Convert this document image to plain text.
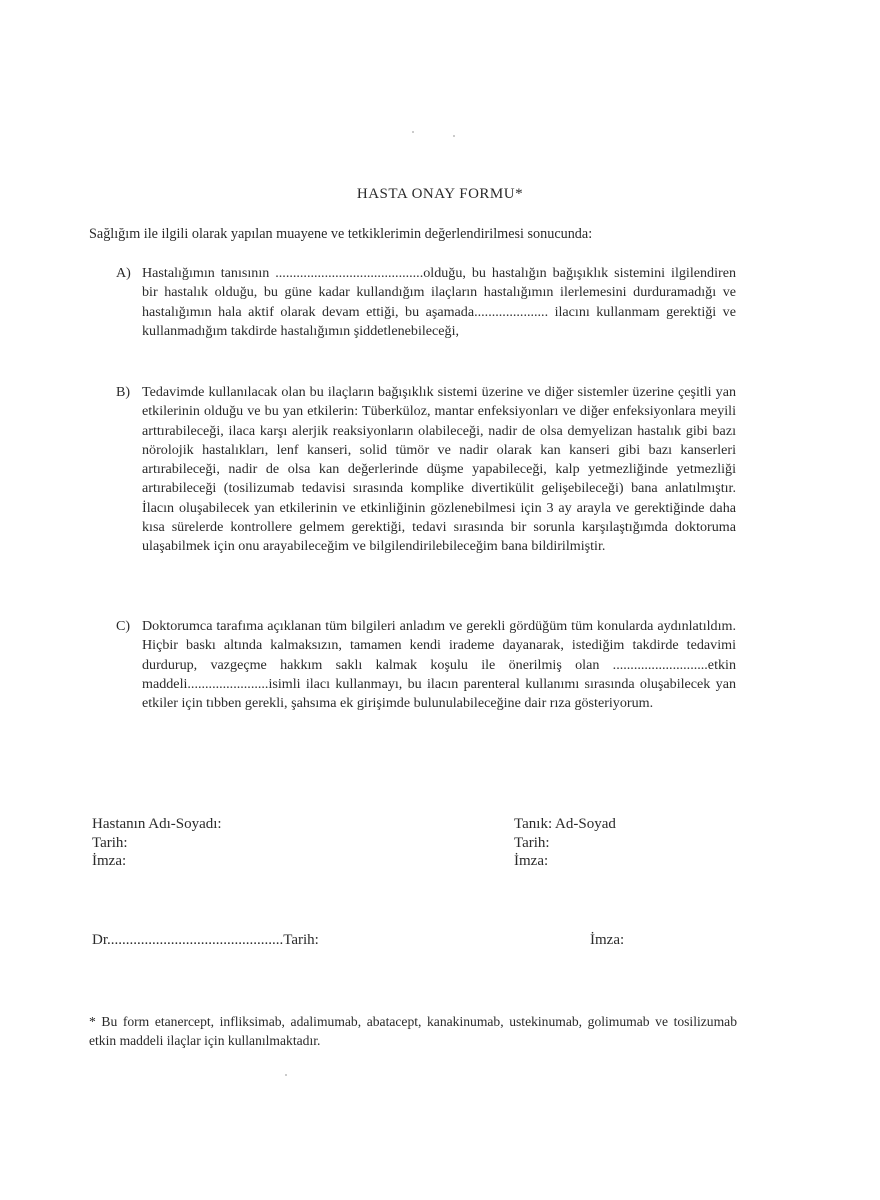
HASTA ONAY FORMU*
Sağlığım ile ilgili olarak yapılan muayene ve tetkiklerimin değerlendirilmesi sonucunda:
A) Hastalığımın tanısının ..........................................olduğu, bu hastalığın bağışıklık sistemini ilgilendiren bir hastalık olduğu, bu güne kadar kullandığım ilaçların hastalığımın ilerlemesini durduramadığı ve hastalığımın hala aktif olarak devam ettiği, bu aşamada..................... ilacını kullanmam gerektiği ve kullanmadığım takdirde hastalığımın şiddetlenebileceği,
B) Tedavimde kullanılacak olan bu ilaçların bağışıklık sistemi üzerine ve diğer sistemler üzerine çeşitli yan etkilerinin olduğu ve bu yan etkilerin: Tüberküloz, mantar enfeksiyonları ve diğer enfeksiyonlara meyili arttırabileceği, ilaca karşı alerjik reaksiyonların olabileceği, nadir de olsa demyelizan hastalık gibi bazı nörolojik hastalıkları, lenf kanseri, solid tümör ve nadir olarak kan kanseri gibi bazı kanserleri artırabileceği, nadir de olsa kan değerlerinde düşme yapabileceği, kalp yetmezliğinde yetmezliği artırabileceği (tosilizumab tedavisi sırasında komplike divertikülit gelişebileceği) bana anlatılmıştır. İlacın oluşabilecek yan etkilerinin ve etkinliğinin gözlenebilmesi için 3 ay arayla ve gerektiğinde daha kısa sürelerde kontrollere gelmem gerektiği, tedavi sırasında bir sorunla karşılaştığımda doktoruma ulaşabilmek için onu arayabileceğim ve bilgilendirilebileceğim bana bildirilmiştir.
C) Doktorumca tarafıma açıklanan tüm bilgileri anladım ve gerekli gördüğüm tüm konularda aydınlatıldım. Hiçbir baskı altında kalmaksızın, tamamen kendi irademe dayanarak, istediğim takdirde tedavimi durdurup, vazgeçme hakkım saklı kalmak koşulu ile önerilmiş olan ...........................etkin maddeli.......................isimli ilacı kullanmayı, bu ilacın parenteral kullanımı sırasında oluşabilecek yan etkiler için tıbben gerekli, şahsıma ek girişimde bulunulabileceğine dair rıza gösteriyorum.
Hastanın Adı-Soyadı:
Tarih:
İmza:
Tanık: Ad-Soyad
Tarih:
İmza:
Dr...............................................Tarih:	İmza:
* Bu form etanercept, infliksimab, adalimumab, abatacept, kanakinumab, ustekinumab, golimumab ve tosilizumab etkin maddeli ilaçlar için kullanılmaktadır.
